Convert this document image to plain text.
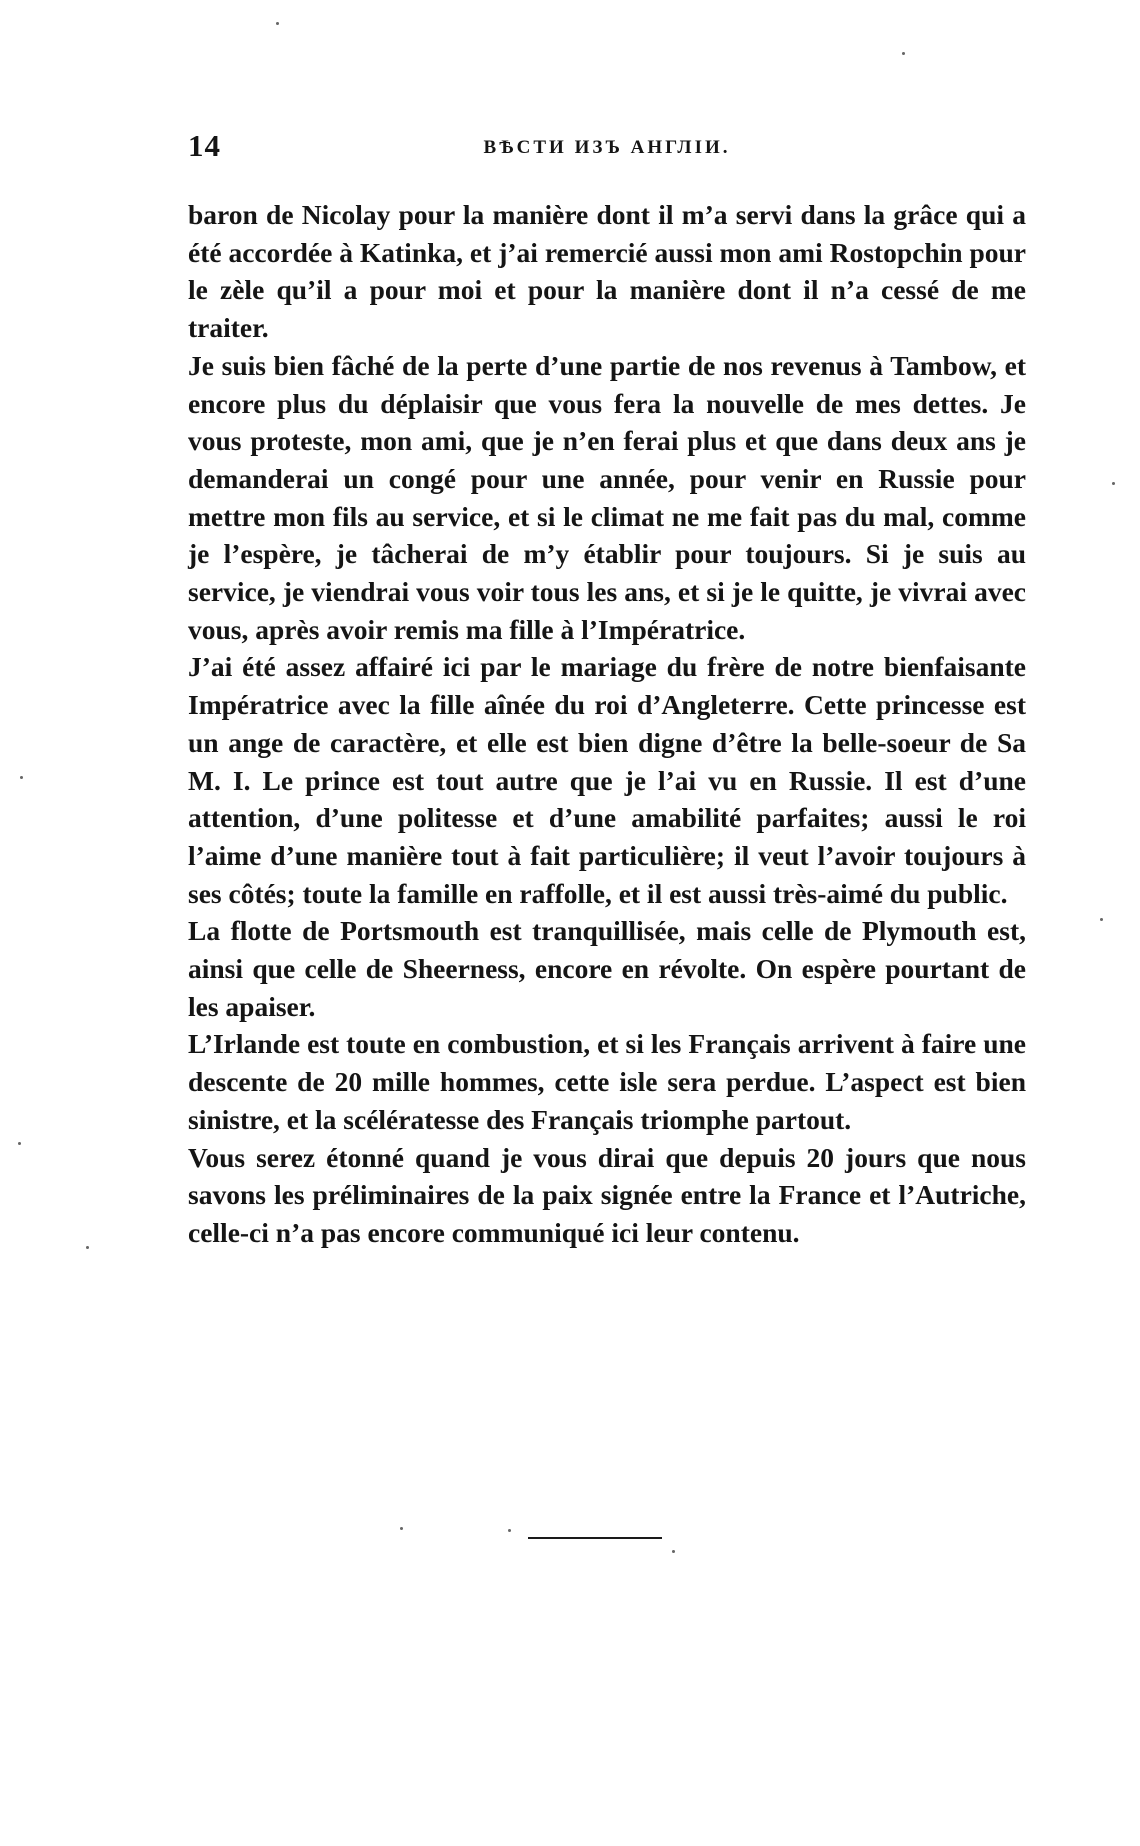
14	ВѢСТИ ИЗЪ АНГЛІИ.

baron de Nicolay pour la manière dont il m’a servi dans la grâce qui a été accordée à Katinka, et j’ai remercié aussi mon ami Rostopchin pour le zèle qu’il a pour moi et pour la manière dont il n’a cessé de me traiter.

Je suis bien fâché de la perte d’une partie de nos revenus à Tambow, et encore plus du déplaisir que vous fera la nouvelle de mes dettes. Je vous proteste, mon ami, que je n’en ferai plus et que dans deux ans je demanderai un congé pour une année, pour venir en Russie pour mettre mon fils au service, et si le climat ne me fait pas du mal, comme je l’espère, je tâcherai de m’y établir pour toujours. Si je suis au service, je viendrai vous voir tous les ans, et si je le quitte, je vivrai avec vous, après avoir remis ma fille à l’Impératrice.

J’ai été assez affairé ici par le mariage du frère de notre bienfaisante Impératrice avec la fille aînée du roi d’Angleterre. Cette princesse est un ange de caractère, et elle est bien digne d’être la belle-soeur de Sa M. I. Le prince est tout autre que je l’ai vu en Russie. Il est d’une attention, d’une politesse et d’une amabilité parfaites; aussi le roi l’aime d’une manière tout à fait particulière; il veut l’avoir toujours à ses côtés; toute la famille en raffolle, et il est aussi très-aimé du public.

La flotte de Portsmouth est tranquillisée, mais celle de Plymouth est, ainsi que celle de Sheerness, encore en révolte. On espère pourtant de les apaiser.

L’Irlande est toute en combustion, et si les Français arrivent à faire une descente de 20 mille hommes, cette isle sera perdue. L’aspect est bien sinistre, et la scélératesse des Français triomphe partout.

Vous serez étonné quand je vous dirai que depuis 20 jours que nous savons les préliminaires de la paix signée entre la France et l’Autriche, celle-ci n’a pas encore communiqué ici leur contenu.
